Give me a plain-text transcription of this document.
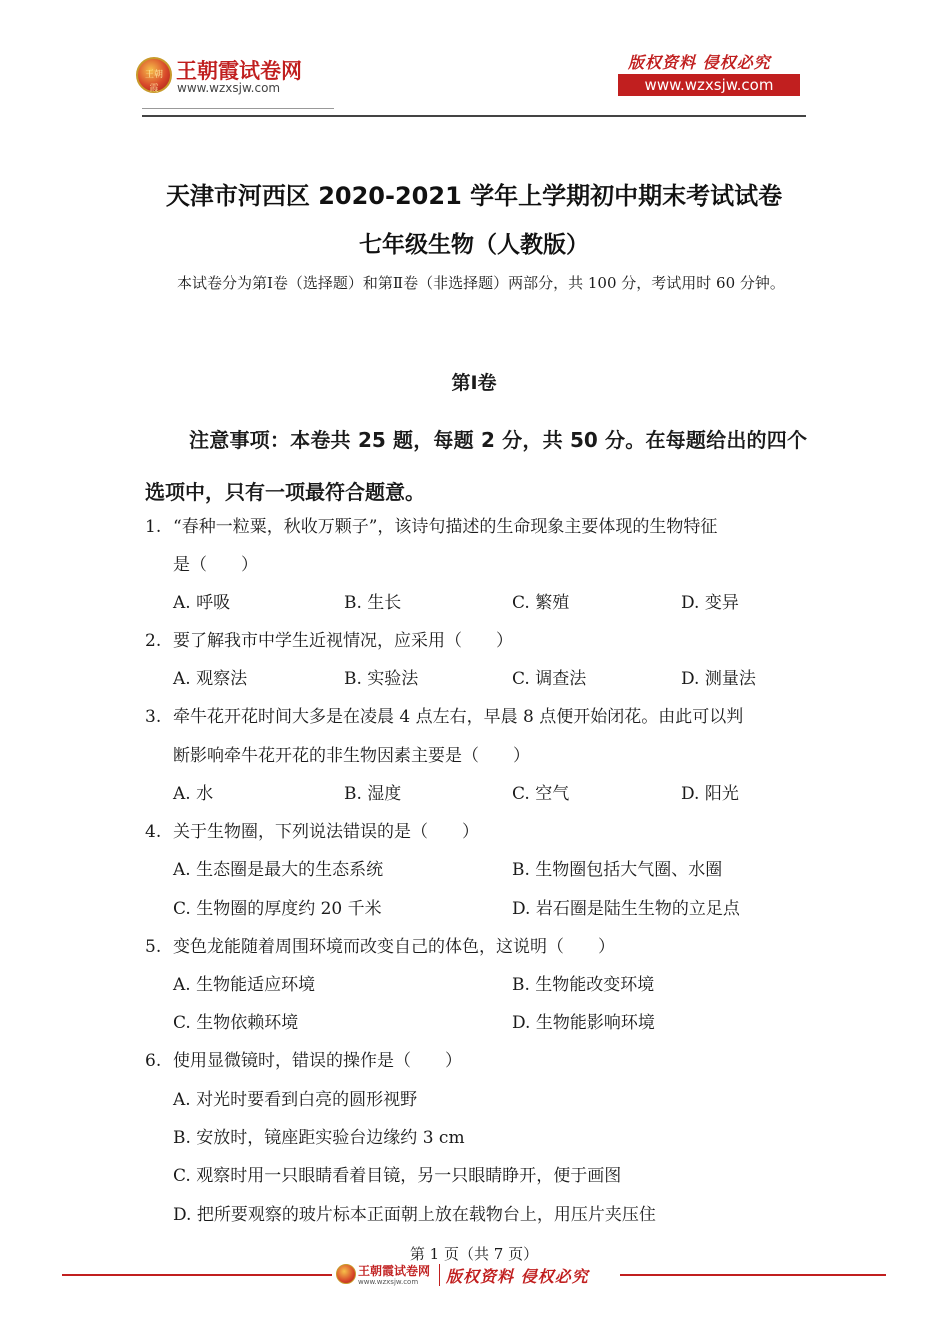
王朝霞
王朝霞试卷网
www.wzxsjw.com
版权资料 侵权必究
www.wzxsjw.com
天津市河西区 2020-2021 学年上学期初中期末考试试卷
七年级生物（人教版）
本试卷分为第Ⅰ卷（选择题）和第Ⅱ卷（非选择题）两部分，共 100 分，考试用时 60 分钟。
第Ⅰ卷
注意事项：本卷共 25 题，每题 2 分，共 50 分。在每题给出的四个选项中，只有一项最符合题意。
1. “春种一粒粟，秋收万颗子”，该诗句描述的生命现象主要体现的生物特征
是（　　）
A. 呼吸	B. 生长	C. 繁殖	D. 变异
2. 要了解我市中学生近视情况，应采用（　　）
A. 观察法	B. 实验法	C. 调查法	D. 测量法
3. 牵牛花开花时间大多是在凌晨 4 点左右，早晨 8 点便开始闭花。由此可以判
断影响牵牛花开花的非生物因素主要是（　　）
A. 水	B. 湿度	C. 空气	D. 阳光
4. 关于生物圈，下列说法错误的是（　　）
A. 生态圈是最大的生态系统	B. 生物圈包括大气圈、水圈
C. 生物圈的厚度约 20 千米	D. 岩石圈是陆生生物的立足点
5. 变色龙能随着周围环境而改变自己的体色，这说明（　　）
A. 生物能适应环境	B. 生物能改变环境
C. 生物依赖环境	D. 生物能影响环境
6. 使用显微镜时，错误的操作是（　　）
A. 对光时要看到白亮的圆形视野
B. 安放时，镜座距实验台边缘约 3 cm
C. 观察时用一只眼睛看着目镜，另一只眼睛睁开，便于画图
D. 把所要观察的玻片标本正面朝上放在载物台上，用压片夹压住
第 1 页（共 7 页）
王朝霞试卷网
www.wzxsjw.com 版权资料 侵权必究
